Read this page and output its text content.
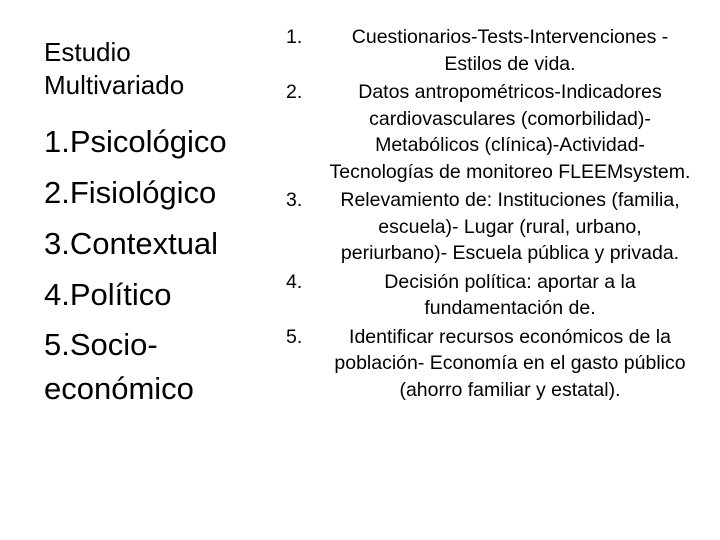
Estudio Multivariado
1.Psicológico
2.Fisiológico
3.Contextual
4.Político
5.Socio-económico
1.	Cuestionarios-Tests-Intervenciones -Estilos de vida.
2.	Datos antropométricos-Indicadores cardiovasculares (comorbilidad)-Metabólicos (clínica)-Actividad-Tecnologías de monitoreo FLEEMsystem.
3.	Relevamiento de: Instituciones (familia, escuela)- Lugar (rural, urbano, periurbano)- Escuela pública y privada.
4.	Decisión política: aportar a la fundamentación de.
5.	Identificar recursos económicos de la población- Economía en el gasto público (ahorro familiar y estatal).
